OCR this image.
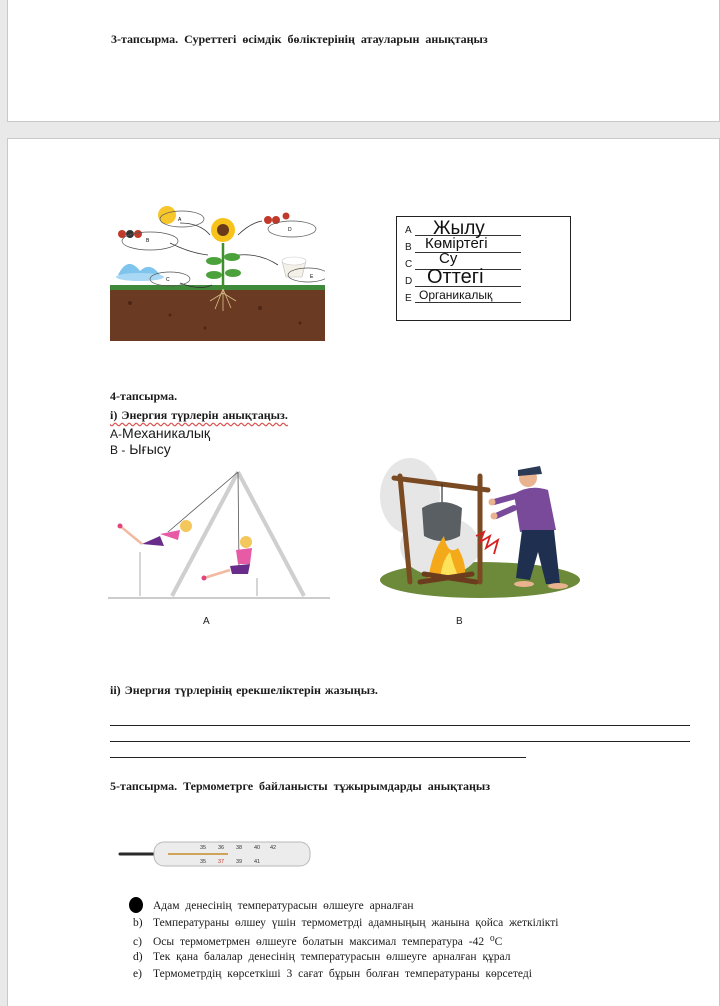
3-тапсырма. Суреттегі өсімдік бөліктерінің атауларын анықтаңыз
A
B
C
D
E
A Жылу
B Көміртегі
C Су
D Оттегі
E Органикалық
4-тапсырма.
i) Энергия түрлерін анықтаңыз.
A-Механикалық
B - Ығысу
A	B
ii) Энергия түрлерінің ерекшеліктерін жазыңыз.
5-тапсырма. Термометрге байланысты тұжырымдарды анықтаңыз
35 36 38 40 42
35 37 39 41
Адам денесінің температурасын өлшеуге арналған
b) Температураны өлшеу үшін термометрді адамныңың жанына қойса жеткілікті
c) Осы термометрмен өлшеуге болатын максимал температура -42 ⁰С
d) Тек қана балалар денесінің температурасын өлшеуге арналған құрал
e) Термометрдің көрсеткіші 3 сағат бұрын болған температураны көрсетеді
